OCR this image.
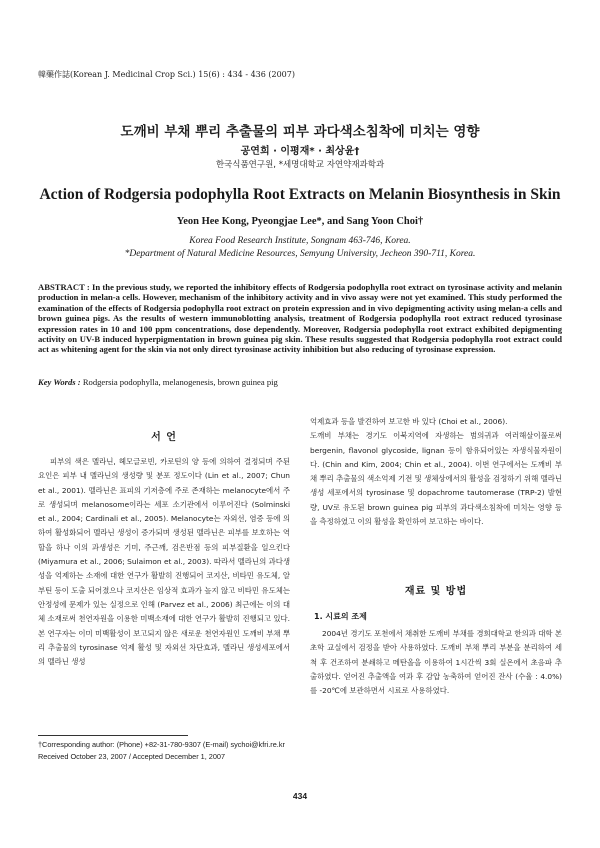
韓藥作誌(Korean J. Medicinal Crop Sci.) 15(6) : 434 - 436 (2007)
도깨비 부채 뿌리 추출물의 피부 과다색소침착에 미치는 영향
공연희 · 이평재* · 최상윤†
한국식품연구원, *세명대학교 자연약재과학과
Action of Rodgersia podophylla Root Extracts on Melanin Biosynthesis in Skin
Yeon Hee Kong, Pyeongjae Lee*, and Sang Yoon Choi†
Korea Food Research Institute, Songnam 463-746, Korea.
*Department of Natural Medicine Resources, Semyung University, Jecheon 390-711, Korea.
ABSTRACT : In the previous study, we reported the inhibitory effects of Rodgersia podophylla root extract on tyrosinase activity and melanin production in melan-a cells. However, mechanism of the inhibitory activity and in vivo assay were not yet examined. This study performed the examination of the effects of Rodgersia podophylla root extract on protein expression and in vivo depigmenting activity using melan-a cells and brown guinea pigs. As the results of western immunoblotting analysis, treatment of Rodgersia podophylla root extract reduced tyrosinase expression rates in 10 and 100 ppm concentrations, dose dependently. Moreover, Rodgersia podophylla root extract exhibited depigmenting activity on UV-B induced hyperpigmentation in brown guinea pig skin. These results suggested that Rodgersia podophylla root extract could act as whitening agent for the skin via not only direct tyrosinase activity inhibition but also reducing of tyrosinase expression.
Key Words : Rodgersia podophylla, melanogenesis, brown guinea pig
서 언

피부의 색은 멜라닌, 헤모글로빈, 카로틴의 양 등에 의하여 결정되며 주된 요인은 피부 내 멜라닌의 생성량 및 분포 정도이다 (Lin et al., 2007; Chun et al., 2001). 멜라닌은 표피의 기저층에 주로 존재하는 melanocyte에서 주로 생성되며 melanosome이라는 세포 소기관에서 이루어진다 (Solminski et al., 2004; Cardinali et al., 2005). Melanocyte는 자외선, 염증 등에 의하여 활성화되어 멜라닌 생성이 증가되며 생성된 멜라닌은 피부를 보호하는 역할을 하나 이의 과생성은 기미, 주근깨, 검은반점 등의 피부질환을 일으킨다 (Miyamura et al., 2006; Sulaimon et al., 2003). 따라서 멜라닌의 과다생성을 억제하는 소재에 대한 연구가 활발히 진행되어 코지산, 비타민 유도체, 알부틴 등이 도출 되어졌으나 코지산은 임상적 효과가 높지 않고 비타민 유도체는 안정성에 문제가 있는 실정으로 인해 (Parvez et al., 2006) 최근에는 이의 대체 소재로써 천연자원을 이용한 미백소재에 대한 연구가 활발히 진행되고 있다. 본 연구자는 이미 미백활성이 보고되지 않은 새로운 천연자원인 도깨비 부채 뿌리 추출물의 tyrosinase 억제 활성 및 자외선 차단효과, 멜라닌 생성세포에서의 멜라닌 생성

억제효과 등을 발견하여 보고한 바 있다 (Choi et al., 2006).

도깨비 부채는 경기도 이북지역에 자생하는 범의귀과 여러해살이풀로써 bergenin, flavonol glycoside, lignan 등이 함유되어있는 자생식물자원이다. (Chin and Kim, 2004; Chin et al., 2004). 이번 연구에서는 도깨비 부채 뿌리 추출물의 색소억제 기전 및 생체상에서의 활성을 검정하기 위해 멜라닌 생성 세포에서의 tyrosinase 및 dopachrome tautomerase (TRP-2) 발현량, UV로 유도된 brown guinea pig 피부의 과다색소침착에 미치는 영향 등을 측정하였고 이의 활성을 확인하여 보고하는 바이다.

재료 및 방법
1. 시료의 조제

2004년 경기도 포천에서 채취한 도깨비 부채를 경희대학교 한의과 대학 본초학 교실에서 검정을 받아 사용하였다. 도깨비 부채 뿌리 부분을 분리하여 세척 후 건조하여 분쇄하고 메탄올을 이용하여 1시간씩 3회 실온에서 초음파 추출하였다. 얻어진 추출액을 여과 후 감압 농축하여 얻어진 잔사 (수율 : 4.0%)를 -20℃에 보관하면서 시료로 사용하였다.

†Corresponding author: (Phone) +82-31-780-9307 (E-mail) sychoi@kfri.re.kr
Received October 23, 2007 / Accepted December 1, 2007
434
